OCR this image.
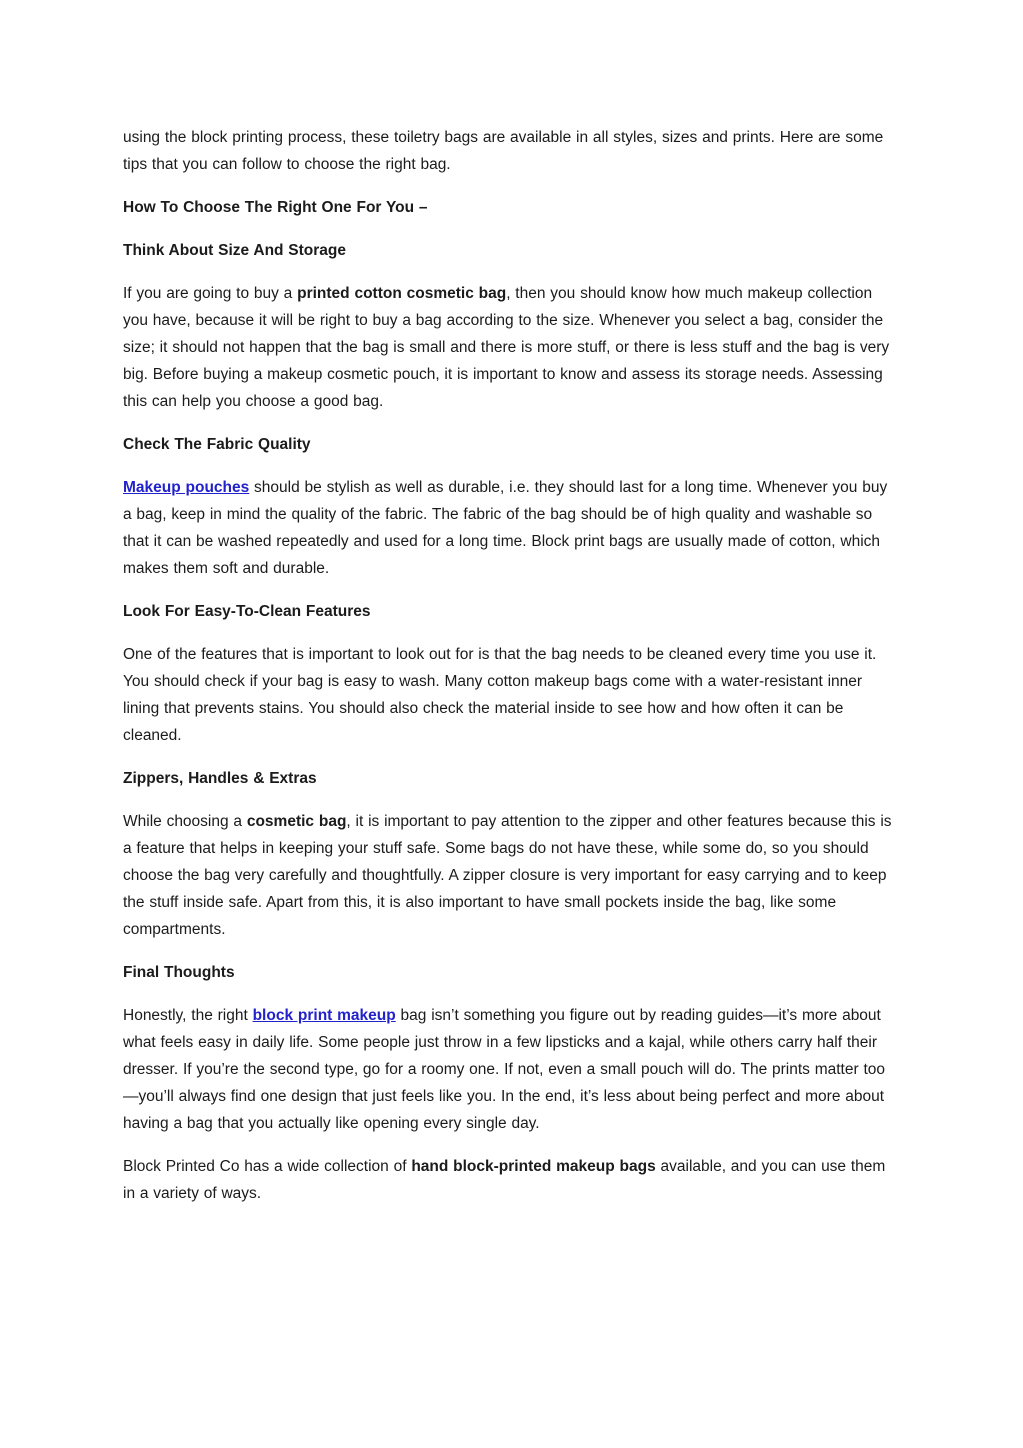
using the block printing process, these toiletry bags are available in all styles, sizes and prints. Here are some tips that you can follow to choose the right bag.

How To Choose The Right One For You –

Think About Size And Storage

If you are going to buy a printed cotton cosmetic bag, then you should know how much makeup collection you have, because it will be right to buy a bag according to the size. Whenever you select a bag, consider the size; it should not happen that the bag is small and there is more stuff, or there is less stuff and the bag is very big. Before buying a makeup cosmetic pouch, it is important to know and assess its storage needs. Assessing this can help you choose a good bag.

Check The Fabric Quality

Makeup pouches should be stylish as well as durable, i.e. they should last for a long time. Whenever you buy a bag, keep in mind the quality of the fabric. The fabric of the bag should be of high quality and washable so that it can be washed repeatedly and used for a long time. Block print bags are usually made of cotton, which makes them soft and durable.

Look For Easy-To-Clean Features

One of the features that is important to look out for is that the bag needs to be cleaned every time you use it. You should check if your bag is easy to wash. Many cotton makeup bags come with a water-resistant inner lining that prevents stains. You should also check the material inside to see how and how often it can be cleaned.

Zippers, Handles & Extras

While choosing a cosmetic bag, it is important to pay attention to the zipper and other features because this is a feature that helps in keeping your stuff safe. Some bags do not have these, while some do, so you should choose the bag very carefully and thoughtfully. A zipper closure is very important for easy carrying and to keep the stuff inside safe. Apart from this, it is also important to have small pockets inside the bag, like some compartments.

Final Thoughts

Honestly, the right block print makeup bag isn’t something you figure out by reading guides—it’s more about what feels easy in daily life. Some people just throw in a few lipsticks and a kajal, while others carry half their dresser. If you’re the second type, go for a roomy one. If not, even a small pouch will do. The prints matter too—you’ll always find one design that just feels like you. In the end, it’s less about being perfect and more about having a bag that you actually like opening every single day.

Block Printed Co has a wide collection of hand block-printed makeup bags available, and you can use them in a variety of ways.
